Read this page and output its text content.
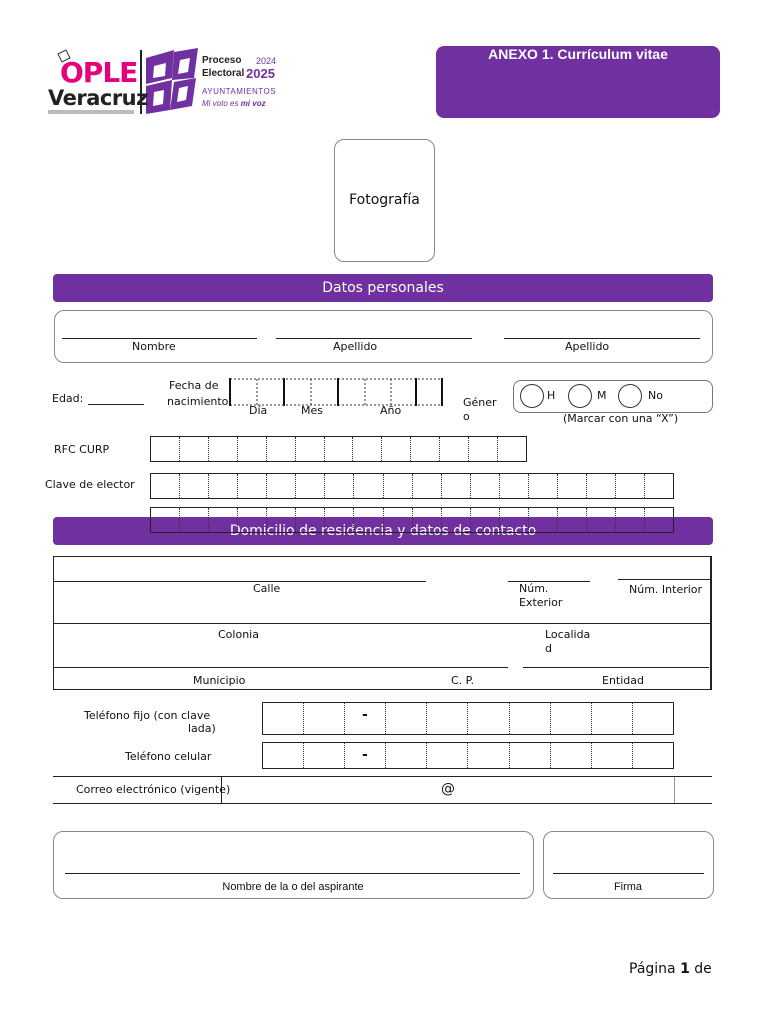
OPLE
Veracruz
Proceso 2024
Electoral 2025
AYUNTAMIENTOS
Mi voto es mi voz
ANEXO 1. Currículum vitae
Fotografía
Datos personales
Nombre	Apellido	Apellido
Edad:
Fecha de
nacimiento
Día	Mes	Año
Géner
o
H	M	No
(Marcar con una “X”)
RFC CURP
Clave de elector
Domicilio de residencia y datos de contacto
Calle	Núm.
Exterior
Núm. Interior
Colonia	Localida
d
Municipio	C. P.	Entidad
Teléfono fijo (con clave
lada)
-
Teléfono celular	-
Correo electrónico (vigente)	@
Nombre de la o del aspirante	Firma
Página 1 de
